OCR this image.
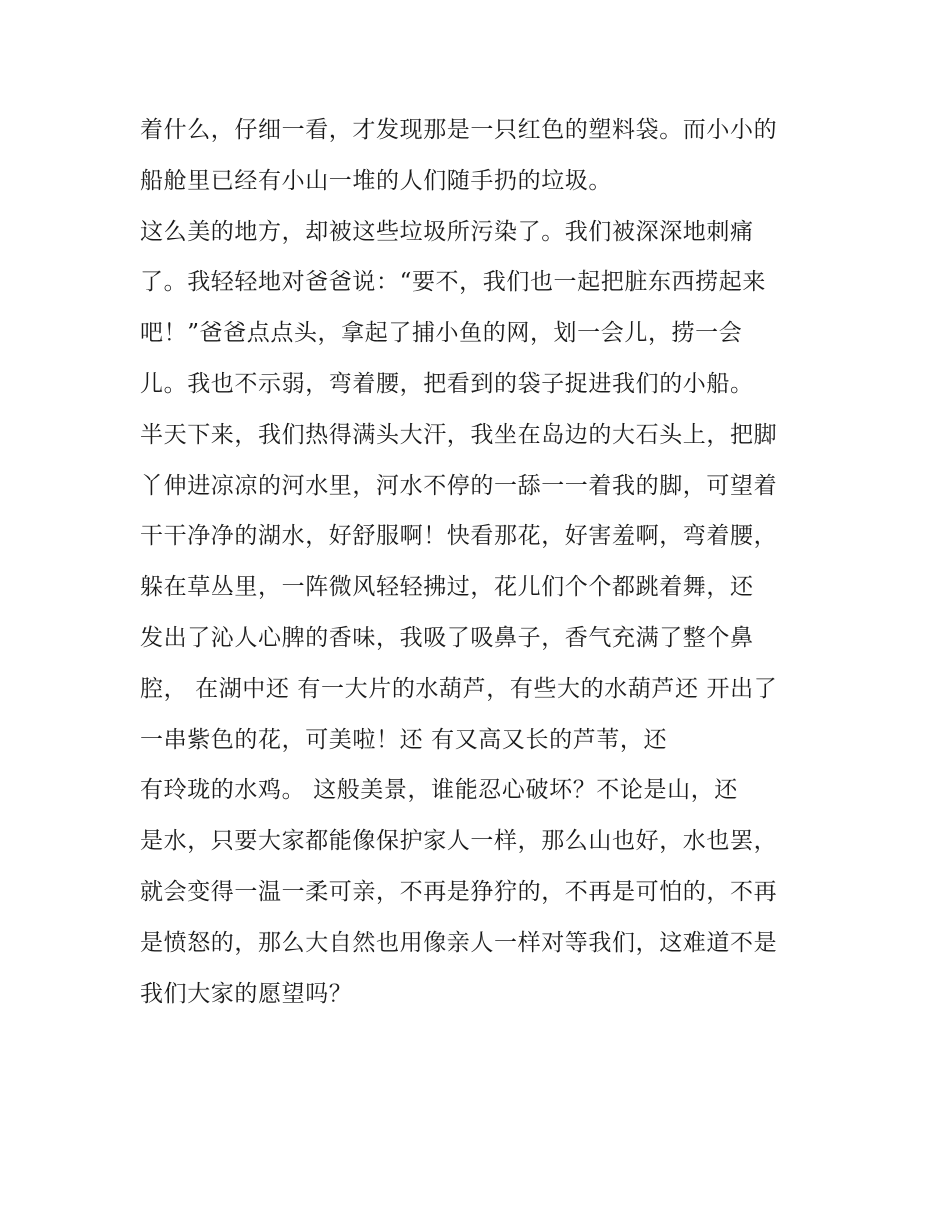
着什么，仔细一看，才发现那是一只红色的塑料袋。而小小的
船舱里已经有小山一堆的人们随手扔的垃圾。
这么美的地方，却被这些垃圾所污染了。我们被深深地刺痛
了。我轻轻地对爸爸说：“要不，我们也一起把脏东西捞起来
吧！”爸爸点点头，拿起了捕小鱼的网，划一会儿，捞一会
儿。我也不示弱，弯着腰，把看到的袋子捉进我们的小船。
半天下来，我们热得满头大汗，我坐在岛边的大石头上，把脚
丫伸进凉凉的河水里，河水不停的一舔一一着我的脚，可望着
干干净净的湖水，好舒服啊！快看那花，好害羞啊，弯着腰，
躲在草丛里，一阵微风轻轻拂过，花儿们个个都跳着舞，还
发出了沁人心脾的香味，我吸了吸鼻子，香气充满了整个鼻
腔， 在湖中还 有一大片的水葫芦，有些大的水葫芦还 开出了
一串紫色的花，可美啦！还 有又高又长的芦苇，还
有玲珑的水鸡。 这般美景，谁能忍心破坏？不论是山，还
是水，只要大家都能像保护家人一样，那么山也好，水也罢，
就会变得一温一柔可亲，不再是狰狞的，不再是可怕的，不再
是愤怒的，那么大自然也用像亲人一样对等我们，这难道不是
我们大家的愿望吗？
